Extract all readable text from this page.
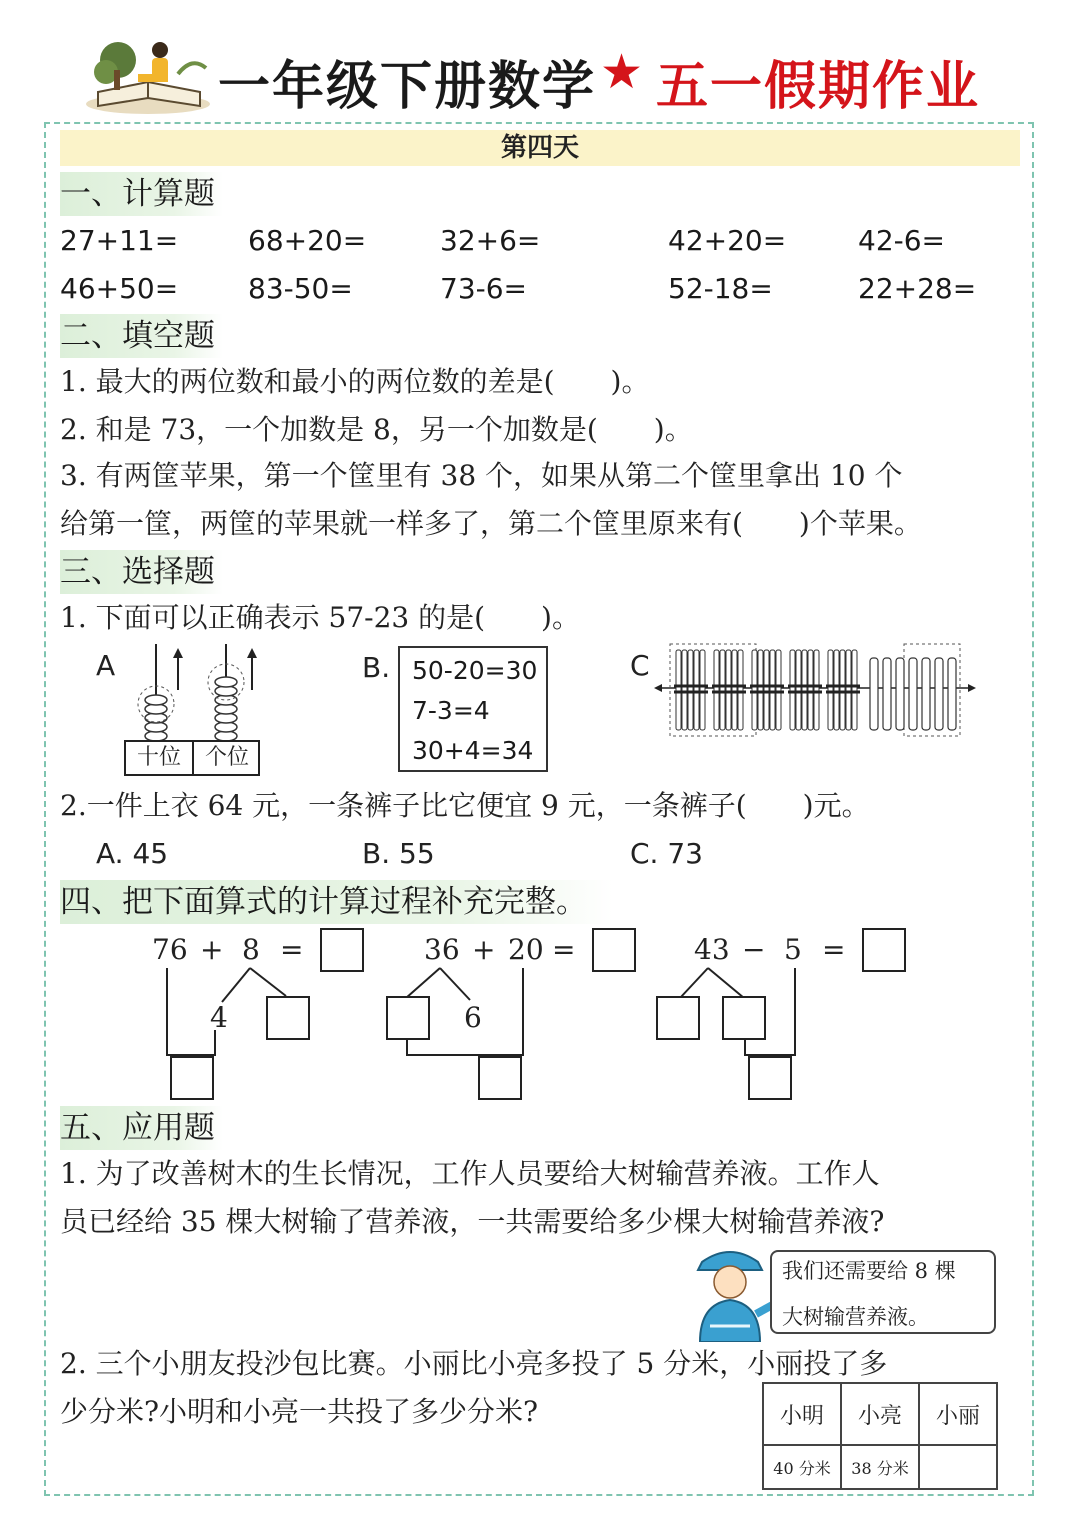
一年级下册数学 ★ 五一假期作业
第四天
一、计算题
27+11= 68+20=	32+6=	42+20=	42-6=
46+50= 83-50=	73-6=	52-18=	22+28=
二、填空题
1. 最大的两位数和最小的两位数的差是(　　)。
2. 和是 73，一个加数是 8，另一个加数是(　　)。
3. 有两筐苹果，第一个筐里有 38 个，如果从第二个筐里拿出 10 个
给第一筐，两筐的苹果就一样多了，第二个筐里原来有(　　)个苹果。
三、选择题
1. 下面可以正确表示 57-23 的是(　　)。
A
十位	个位
B. 50-20=30
7-3=4
30+4=34
C
2.一件上衣 64 元，一条裤子比它便宜 9 元，一条裤子(　　)元。
A. 45	B. 55	C. 73
四、把下面算式的计算过程补充完整。
76 + 8 =
4
36 + 20 =
6
43 − 5 =
五、应用题
1. 为了改善树木的生长情况，工作人员要给大树输营养液。工作人
员已经给 35 棵大树输了营养液，一共需要给多少棵大树输营养液?
我们还需要给 8 棵
大树输营养液。
2. 三个小朋友投沙包比赛。小丽比小亮多投了 5 分米，小丽投了多
少分米?小明和小亮一共投了多少分米?	小明	小亮	小丽
40 分米	38 分米	
